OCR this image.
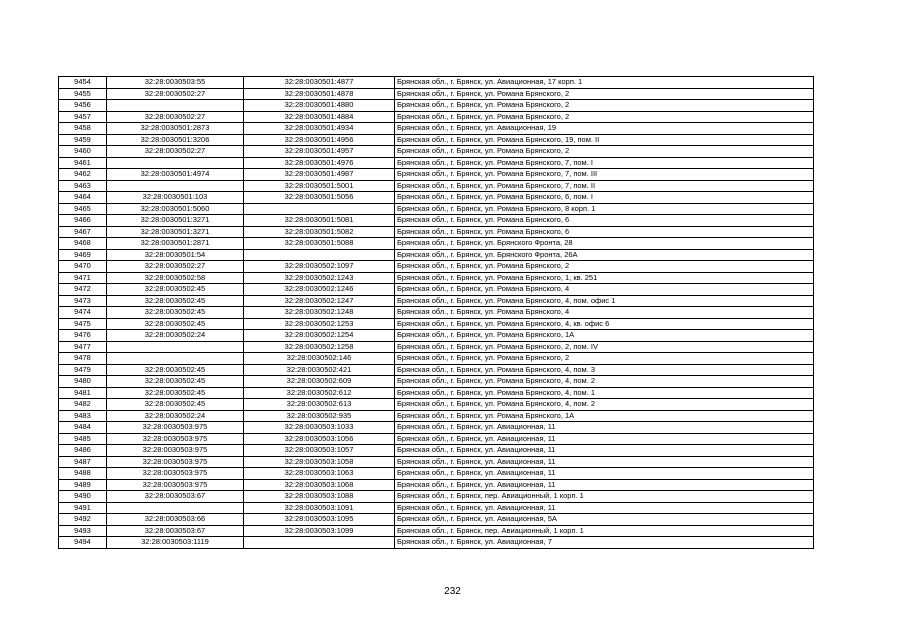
9454	32:28:0030503:55	32:28:0030501:4877	Брянская обл., г. Брянск, ул. Авиационная, 17 корп. 1
9455	32:28:0030502:27	32:28:0030501:4878	Брянская обл., г. Брянск, ул. Романа Брянского, 2
9456		32:28:0030501:4880	Брянская обл., г. Брянск, ул. Романа Брянского, 2
9457	32:28:0030502:27	32:28:0030501:4884	Брянская обл., г. Брянск, ул. Романа Брянского, 2
9458	32:28:0030501:2873	32:28:0030501:4934	Брянская обл., г. Брянск, ул. Авиационная, 19
9459	32:28:0030501:3206	32:28:0030501:4956	Брянская обл., г. Брянск, ул. Романа Брянского, 19, пом. II
9460	32:28:0030502:27	32:28:0030501:4957	Брянская обл., г. Брянск, ул. Романа Брянского, 2
9461		32:28:0030501:4976	Брянская обл., г. Брянск, ул. Романа Брянского, 7, пом. I
9462	32:28:0030501:4974	32:28:0030501:4987	Брянская обл., г. Брянск, ул. Романа Брянского, 7, пом. III
9463		32:28:0030501:5001	Брянская обл., г. Брянск, ул. Романа Брянского, 7, пом. II
9464	32:28:0030501:103	32:28:0030501:5056	Брянская обл., г. Брянск, ул. Романа Брянского, 6, пом. I
9465	32:28:0030501:5060		Брянская обл., г. Брянск, ул. Романа Брянского, 8 корп. 1
9466	32:28:0030501:3271	32:28:0030501:5081	Брянская обл., г. Брянск, ул. Романа Брянского, 6
9467	32:28:0030501:3271	32:28:0030501:5082	Брянская обл., г. Брянск, ул. Романа Брянского, 6
9468	32:28:0030501:2871	32:28:0030501:5088	Брянская обл., г. Брянск, ул. Брянского Фронта, 28
9469	32:28:0030501:54		Брянская обл., г. Брянск, ул. Брянского Фронта, 26А
9470	32:28:0030502:27	32:28:0030502:1097	Брянская обл., г. Брянск, ул. Романа Брянского, 2
9471	32:28:0030502:58	32:28:0030502:1243	Брянская обл., г. Брянск, ул. Романа Брянского, 1, кв. 251
9472	32:28:0030502:45	32:28:0030502:1246	Брянская обл., г. Брянск, ул. Романа Брянского, 4
9473	32:28:0030502:45	32:28:0030502:1247	Брянская обл., г. Брянск, ул. Романа Брянского, 4, пом. офис 1
9474	32:28:0030502:45	32:28:0030502:1248	Брянская обл., г. Брянск, ул. Романа Брянского, 4
9475	32:28:0030502:45	32:28:0030502:1253	Брянская обл., г. Брянск, ул. Романа Брянского, 4, кв. офис 6
9476	32:28:0030502:24	32:28:0030502:1254	Брянская обл., г. Брянск, ул. Романа Брянского, 1А
9477		32:28:0030502:1258	Брянская обл., г. Брянск, ул. Романа Брянского, 2, пом. IV
9478		32:28:0030502:146	Брянская обл., г. Брянск, ул. Романа Брянского, 2
9479	32:28:0030502:45	32:28:0030502:421	Брянская обл., г. Брянск, ул. Романа Брянского, 4, пом. 3
9480	32:28:0030502:45	32:28:0030502:609	Брянская обл., г. Брянск, ул. Романа Брянского, 4, пом. 2
9481	32:28:0030502:45	32:28:0030502:612	Брянская обл., г. Брянск, ул. Романа Брянского, 4, пом. 1
9482	32:28:0030502:45	32:28:0030502:613	Брянская обл., г. Брянск, ул. Романа Брянского, 4, пом. 2
9483	32:28:0030502:24	32:28:0030502:935	Брянская обл., г. Брянск, ул. Романа Брянского, 1А
9484	32:28:0030503:975	32:28:0030503:1033	Брянская обл., г. Брянск, ул. Авиационная, 11
9485	32:28:0030503:975	32:28:0030503:1056	Брянская обл., г. Брянск, ул. Авиационная, 11
9486	32:28:0030503:975	32:28:0030503:1057	Брянская обл., г. Брянск, ул. Авиационная, 11
9487	32:28:0030503:975	32:28:0030503:1058	Брянская обл., г. Брянск, ул. Авиационная, 11
9488	32:28:0030503:975	32:28:0030503:1063	Брянская обл., г. Брянск, ул. Авиационная, 11
9489	32:28:0030503:975	32:28:0030503:1068	Брянская обл., г. Брянск, ул. Авиационная, 11
9490	32:28:0030503:67	32:28:0030503:1088	Брянская обл., г. Брянск, пер. Авиационный, 1 корп. 1
9491		32:28:0030503:1091	Брянская обл., г. Брянск, ул. Авиационная, 11
9492	32:28:0030503:66	32:28:0030503:1095	Брянская обл., г. Брянск, ул. Авиационная, 5А
9493	32:28:0030503:67	32:28:0030503:1099	Брянская обл., г. Брянск, пер. Авиационный, 1 корп. 1
9494	32:28:0030503:1119		Брянская обл., г. Брянск, ул. Авиационная, 7
232
